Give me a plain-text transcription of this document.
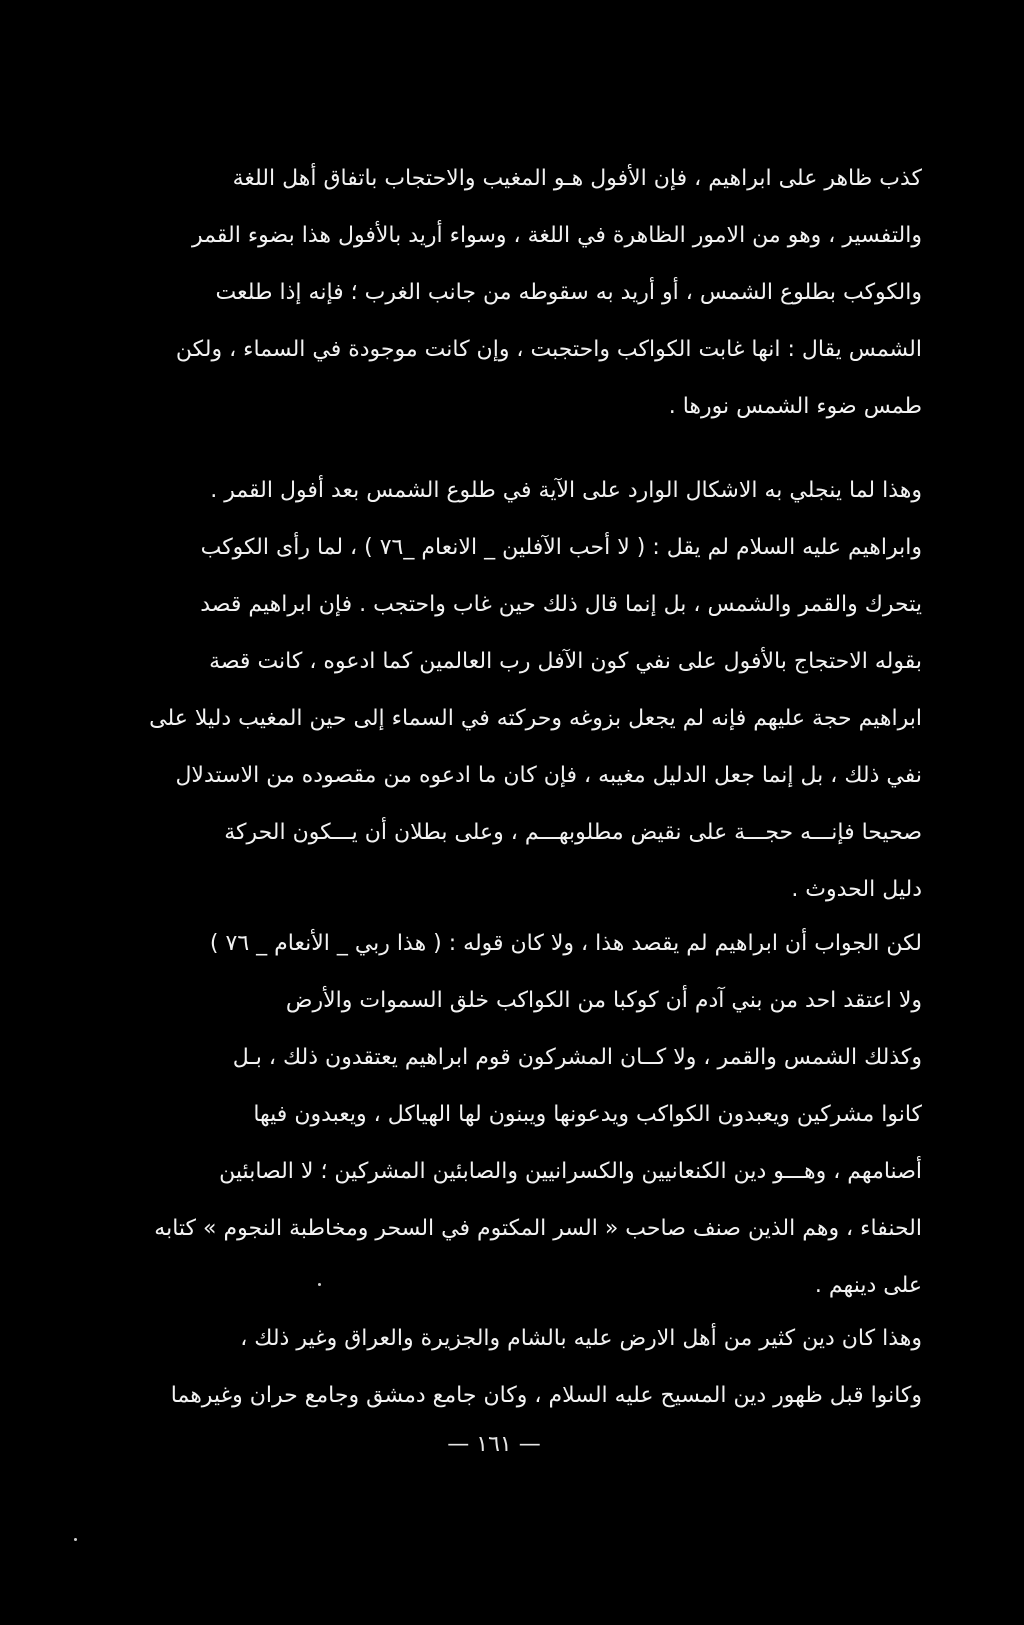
كذب ظاهر على ابراهيم ، فإن الأفول هـو المغيب والاحتجاب باتفاق أهل اللغة
والتفسير ، وهو من الامور الظاهرة في اللغة ، وسواء أريد بالأفول هذا بضوء القمر
والكوكب بطلوع الشمس ، أو أريد به سقوطه من جانب الغرب ؛ فإنه إذا طلعت
الشمس يقال : انها غابت الكواكب واحتجبت ، وإن كانت موجودة في السماء ، ولكن
طمس ضوء الشمس نورها .
وهذا لما ينجلي به الاشكال الوارد على الآية في طلوع الشمس بعد أفول القمر .
وابراهيم عليه السلام لم يقل : ( لا أحب الآفلين _ الانعام _٧٦ ) ، لما رأى الكوكب
يتحرك والقمر والشمس ، بل إنما قال ذلك حين غاب واحتجب . فإن ابراهيم قصد
بقوله الاحتجاج بالأفول على نفي كون الآفل رب العالمين كما ادعوه ، كانت قصة
ابراهيم حجة عليهم فإنه لم يجعل بزوغه وحركته في السماء إلى حين المغيب دليلا على
نفي ذلك ، بل إنما جعل الدليل مغيبه ، فإن كان ما ادعوه من مقصوده من الاستدلال
صحيحا فإنـــه حجـــة على نقيض مطلوبهـــم ، وعلى بطلان أن يـــكون الحركة
دليل الحدوث .
لكن الجواب أن ابراهيم لم يقصد هذا ، ولا كان قوله : ( هذا ربي _ الأنعام _ ٧٦ )
ولا اعتقد احد من بني آدم أن كوكبا من الكواكب خلق السموات والأرض
وكذلك الشمس والقمر ، ولا كــان المشركون قوم ابراهيم يعتقدون ذلك ، بـل
كانوا مشركين ويعبدون الكواكب ويدعونها ويبنون لها الهياكل ، ويعبدون فيها
أصنامهم ، وهـــو دين الكنعانيين والكسرانيين والصابئين المشركين ؛ لا الصابئين
الحنفاء ، وهم الذين صنف صاحب « السر المكتوم في السحر ومخاطبة النجوم » كتابه
على دينهم .
وهذا كان دين كثير من أهل الارض عليه بالشام والجزيرة والعراق وغير ذلك ،
وكانوا قبل ظهور دين المسيح عليه السلام ، وكان جامع دمشق وجامع حران وغيرهما
— ١٦١ —
